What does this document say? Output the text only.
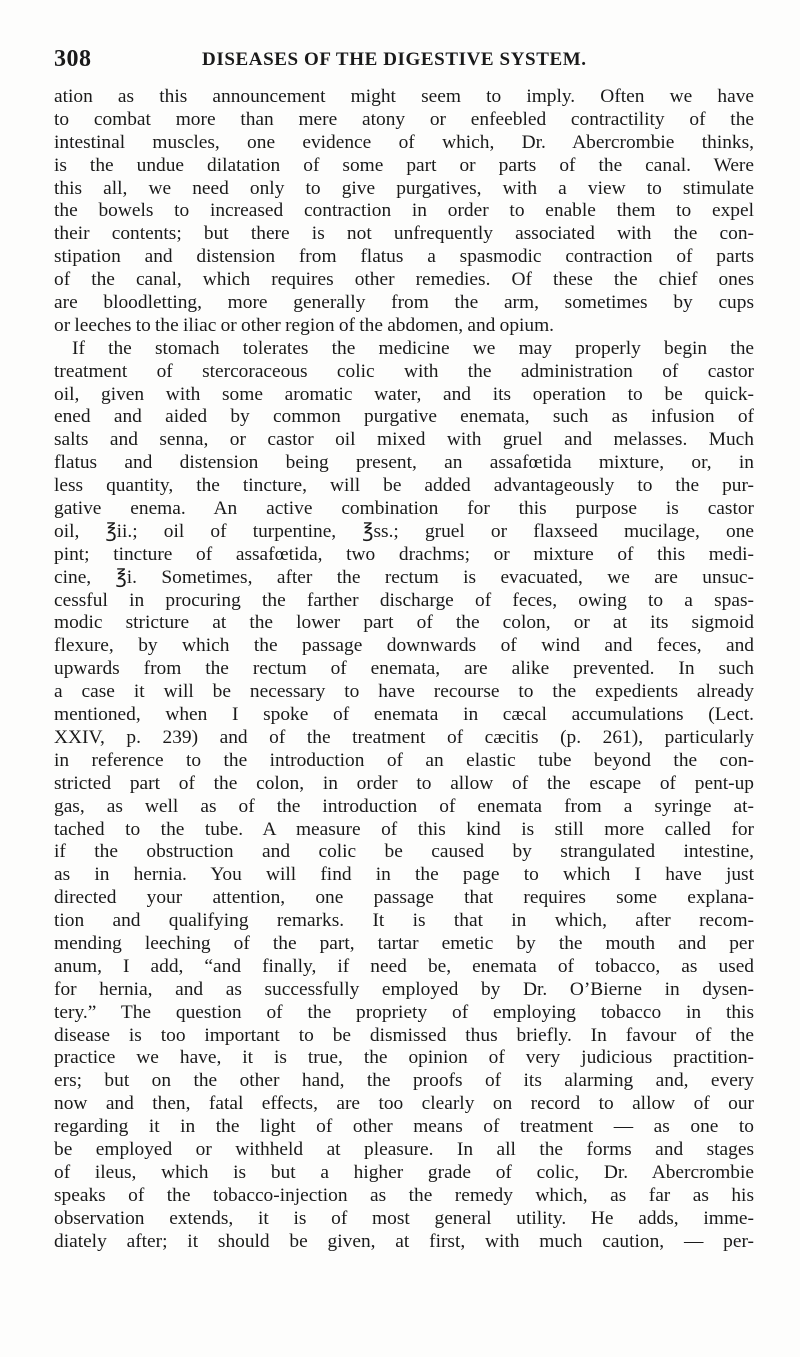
308	DISEASES OF THE DIGESTIVE SYSTEM.
ation as this announcement might seem to imply. Often we have
to combat more than mere atony or enfeebled contractility of the
intestinal muscles, one evidence of which, Dr. Abercrombie thinks,
is the undue dilatation of some part or parts of the canal. Were
this all, we need only to give purgatives, with a view to stimulate
the bowels to increased contraction in order to enable them to expel
their contents; but there is not unfrequently associated with the con-
stipation and distension from flatus a spasmodic contraction of parts
of the canal, which requires other remedies. Of these the chief ones
are bloodletting, more generally from the arm, sometimes by cups
or leeches to the iliac or other region of the abdomen, and opium.
If the stomach tolerates the medicine we may properly begin the
treatment of stercoraceous colic with the administration of castor
oil, given with some aromatic water, and its operation to be quick-
ened and aided by common purgative enemata, such as infusion of
salts and senna, or castor oil mixed with gruel and melasses. Much
flatus and distension being present, an assafœtida mixture, or, in
less quantity, the tincture, will be added advantageously to the pur-
gative enema. An active combination for this purpose is castor
oil, ℥ii.; oil of turpentine, ℥ss.; gruel or flaxseed mucilage, one
pint; tincture of assafœtida, two drachms; or mixture of this medi-
cine, ℥i. Sometimes, after the rectum is evacuated, we are unsuc-
cessful in procuring the farther discharge of feces, owing to a spas-
modic stricture at the lower part of the colon, or at its sigmoid
flexure, by which the passage downwards of wind and feces, and
upwards from the rectum of enemata, are alike prevented. In such
a case it will be necessary to have recourse to the expedients already
mentioned, when I spoke of enemata in cæcal accumulations (Lect.
XXIV, p. 239) and of the treatment of cæcitis (p. 261), particularly
in reference to the introduction of an elastic tube beyond the con-
stricted part of the colon, in order to allow of the escape of pent-up
gas, as well as of the introduction of enemata from a syringe at-
tached to the tube. A measure of this kind is still more called for
if the obstruction and colic be caused by strangulated intestine,
as in hernia. You will find in the page to which I have just
directed your attention, one passage that requires some explana-
tion and qualifying remarks. It is that in which, after recom-
mending leeching of the part, tartar emetic by the mouth and per
anum, I add, “and finally, if need be, enemata of tobacco, as used
for hernia, and as successfully employed by Dr. O’Bierne in dysen-
tery.” The question of the propriety of employing tobacco in this
disease is too important to be dismissed thus briefly. In favour of the
practice we have, it is true, the opinion of very judicious practition-
ers; but on the other hand, the proofs of its alarming and, every
now and then, fatal effects, are too clearly on record to allow of our
regarding it in the light of other means of treatment — as one to
be employed or withheld at pleasure. In all the forms and stages
of ileus, which is but a higher grade of colic, Dr. Abercrombie
speaks of the tobacco-injection as the remedy which, as far as his
observation extends, it is of most general utility. He adds, imme-
diately after; it should be given, at first, with much caution, — per-
